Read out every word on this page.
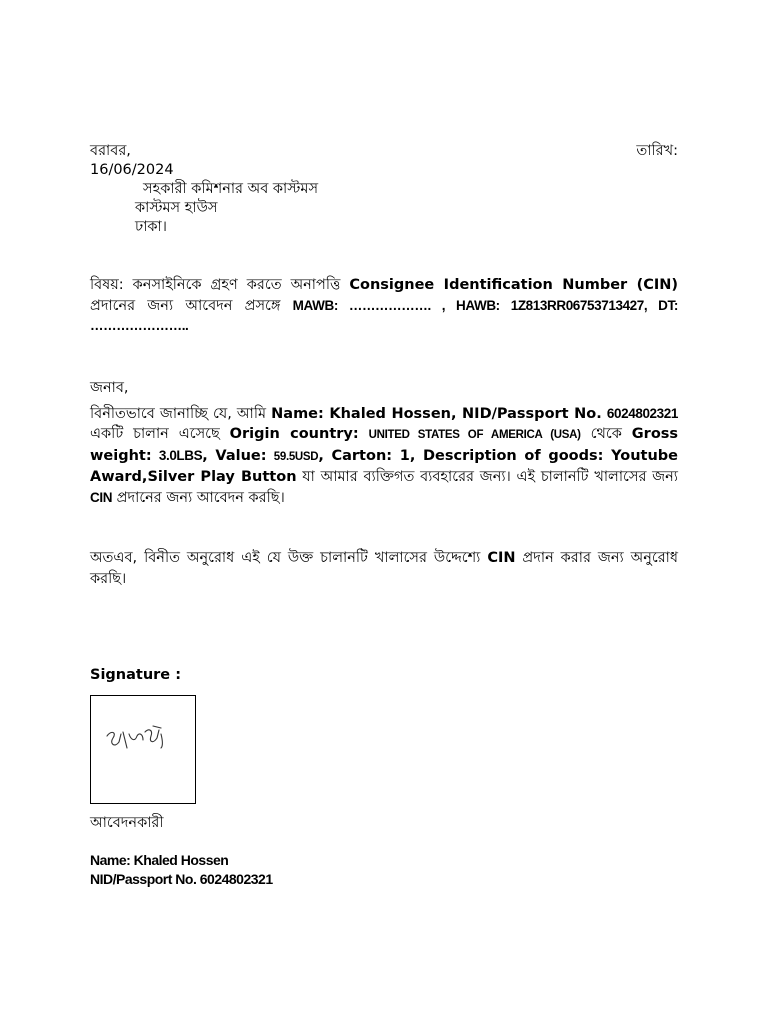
বরাবর,	তারিখ:
16/06/2024
সহকারী কমিশনার অব কাস্টমস
কাস্টমস হাউস
ঢাকা।
বিষয়: কনসাইনিকে গ্রহণ করতে অনাপত্তি Consignee Identification Number (CIN) প্রদানের জন্য আবেদন প্রসঙ্গে MAWB: ………………. , HAWB: 1Z813RR06753713427, DT: …………………..
জনাব,
বিনীতভাবে জানাচ্ছি যে, আমি Name: Khaled Hossen, NID/Passport No. 6024802321 একটি চালান এসেছে Origin country: UNITED STATES OF AMERICA (USA) থেকে Gross weight: 3.0LBS, Value: 59.5USD, Carton: 1, Description of goods: Youtube Award,Silver Play Button যা আমার ব্যক্তিগত ব্যবহারের জন্য। এই চালানটি খালাসের জন্য CIN প্রদানের জন্য আবেদন করছি।
অতএব, বিনীত অনুরোধ এই যে উক্ত চালানটি খালাসের উদ্দেশ্যে CIN প্রদান করার জন্য অনুরোধ করছি।
Signature :
আবেদনকারী
Name: Khaled Hossen
NID/Passport No. 6024802321
